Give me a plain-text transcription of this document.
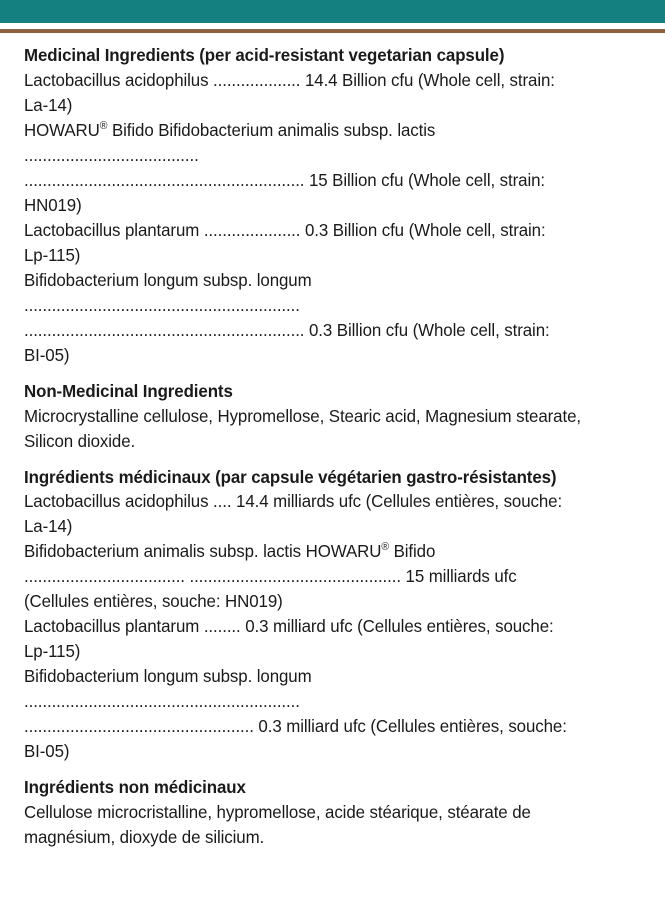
Medicinal Ingredients (per acid-resistant vegetarian capsule)

Lactobacillus acidophilus ................... 14.4 Billion cfu (Whole cell, strain:

La-14)

HOWARU® Bifido Bifidobacterium animalis subsp. lactis

......................................

............................................................. 15 Billion cfu (Whole cell, strain:

HN019)

Lactobacillus plantarum ..................... 0.3 Billion cfu (Whole cell, strain:

Lp-115)

Bifidobacterium longum subsp. longum

............................................................

............................................................. 0.3 Billion cfu (Whole cell, strain:

BI-05)

Non-Medicinal Ingredients

Microcrystalline cellulose, Hypromellose, Stearic acid, Magnesium stearate, Silicon dioxide.

Ingrédients médicinaux (par capsule végétarien gastro-résistantes)

Lactobacillus acidophilus .... 14.4 milliards ufc (Cellules entières, souche:

La-14)

Bifidobacterium animalis subsp. lactis HOWARU® Bifido

................................... .............................................. 15 milliards ufc

(Cellules entières, souche: HN019)

Lactobacillus plantarum ........ 0.3 milliard ufc (Cellules entières, souche:

Lp-115)

Bifidobacterium longum subsp. longum

............................................................

.................................................. 0.3 milliard ufc (Cellules entières, souche:

BI-05)

Ingrédients non médicinaux

Cellulose microcristalline, hypromellose, acide stéarique, stéarate de magnésium, dioxyde de silicium.
